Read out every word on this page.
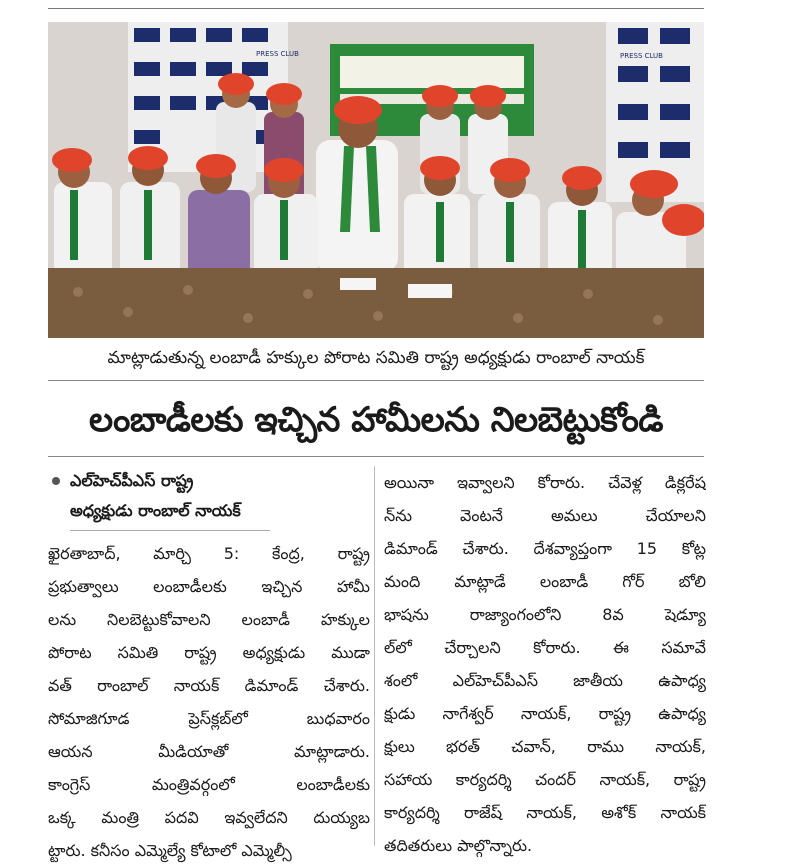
PRESS CLUB	PRESS CLUB
మాట్లాడుతున్న లంబాడీ హక్కుల పోరాట సమితి రాష్ట్ర అధ్యక్షుడు రాంబాల్ నాయక్
లంబాడీలకు ఇచ్చిన హామీలను నిలబెట్టుకోండి
ఎల్‌హెచ్‌పీఎస్ రాష్ట్ర
అధ్యక్షుడు రాంబాల్ నాయక్
ఖైరతాబాద్, మార్చి 5: కేంద్ర, రాష్ట్ర
ప్రభుత్వాలు లంబాడీలకు ఇచ్చిన హామీ
లను నిలబెట్టుకోవాలని లంబాడీ హక్కుల
పోరాట సమితి రాష్ట్ర అధ్యక్షుడు ముడా
వత్ రాంబాల్ నాయక్ డిమాండ్ చేశారు.
సోమాజిగూడ ప్రెస్‌క్లబ్‌లో బుధవారం
ఆయన మీడియాతో మాట్లాడారు.
కాంగ్రెస్ మంత్రివర్గంలో లంబాడీలకు
ఒక్క మంత్రి పదవి ఇవ్వలేదని దుయ్యబ
ట్టారు. కనీసం ఎమ్మెల్యే కోటాలో ఎమ్మెల్సీ
అయినా ఇవ్వాలని కోరారు. చేవెళ్ల డిక్లరేష
న్‌ను వెంటనే అమలు చేయాలని
డిమాండ్ చేశారు. దేశవ్యాప్తంగా 15 కోట్ల
మంది మాట్లాడే లంబాడీ గోర్ బోలి
భాషను రాజ్యాంగంలోని 8వ షెడ్యూ
ల్‌లో చేర్చాలని కోరారు. ఈ సమావే
శంలో ఎల్‌హెచ్‌పీఎస్ జాతీయ ఉపాధ్య
క్షుడు నాగేశ్వర్ నాయక్, రాష్ట్ర ఉపాధ్య
క్షులు భరత్ చవాన్, రాము నాయక్,
సహాయ కార్యదర్శి చందర్ నాయక్, రాష్ట్ర
కార్యదర్శి రాజేష్ నాయక్, అశోక్ నాయక్
తదితరులు పాల్గొన్నారు.
